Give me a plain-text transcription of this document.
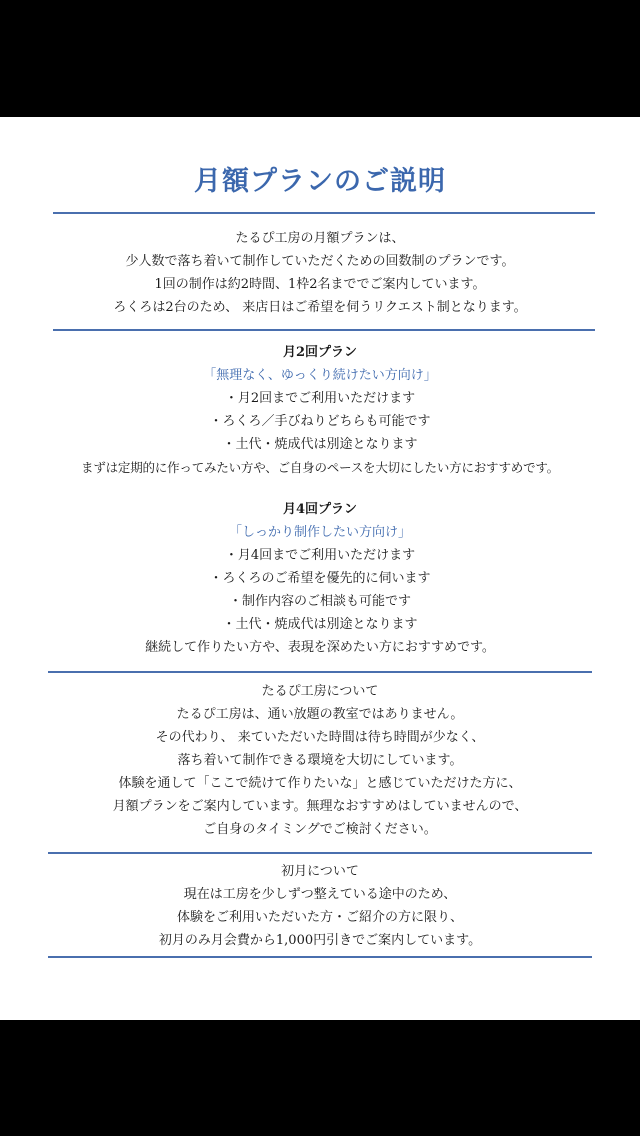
月額プランのご説明
たるぴ工房の月額プランは、
少人数で落ち着いて制作していただくための回数制のプランです。
1回の制作は約2時間、1枠2名まででご案内しています。
ろくろは2台のため、 来店日はご希望を伺うリクエスト制となります。
月2回プラン
「無理なく、ゆっくり続けたい方向け」
・月2回までご利用いただけます
・ろくろ／手びねりどちらも可能です
・土代・焼成代は別途となります
まずは定期的に作ってみたい方や、ご自身のペースを大切にしたい方におすすめです。
月4回プラン
「しっかり制作したい方向け」
・月4回までご利用いただけます
・ろくろのご希望を優先的に伺います
・制作内容のご相談も可能です
・土代・焼成代は別途となります
継続して作りたい方や、表現を深めたい方におすすめです。
たるぴ工房について
たるぴ工房は、通い放題の教室ではありません。
その代わり、 来ていただいた時間は待ち時間が少なく、
落ち着いて制作できる環境を大切にしています。
体験を通して「ここで続けて作りたいな」と感じていただけた方に、
月額プランをご案内しています。無理なおすすめはしていませんので、
ご自身のタイミングでご検討ください。
初月について
現在は工房を少しずつ整えている途中のため、
体験をご利用いただいた方・ご紹介の方に限り、
初月のみ月会費から1,000円引きでご案内しています。
